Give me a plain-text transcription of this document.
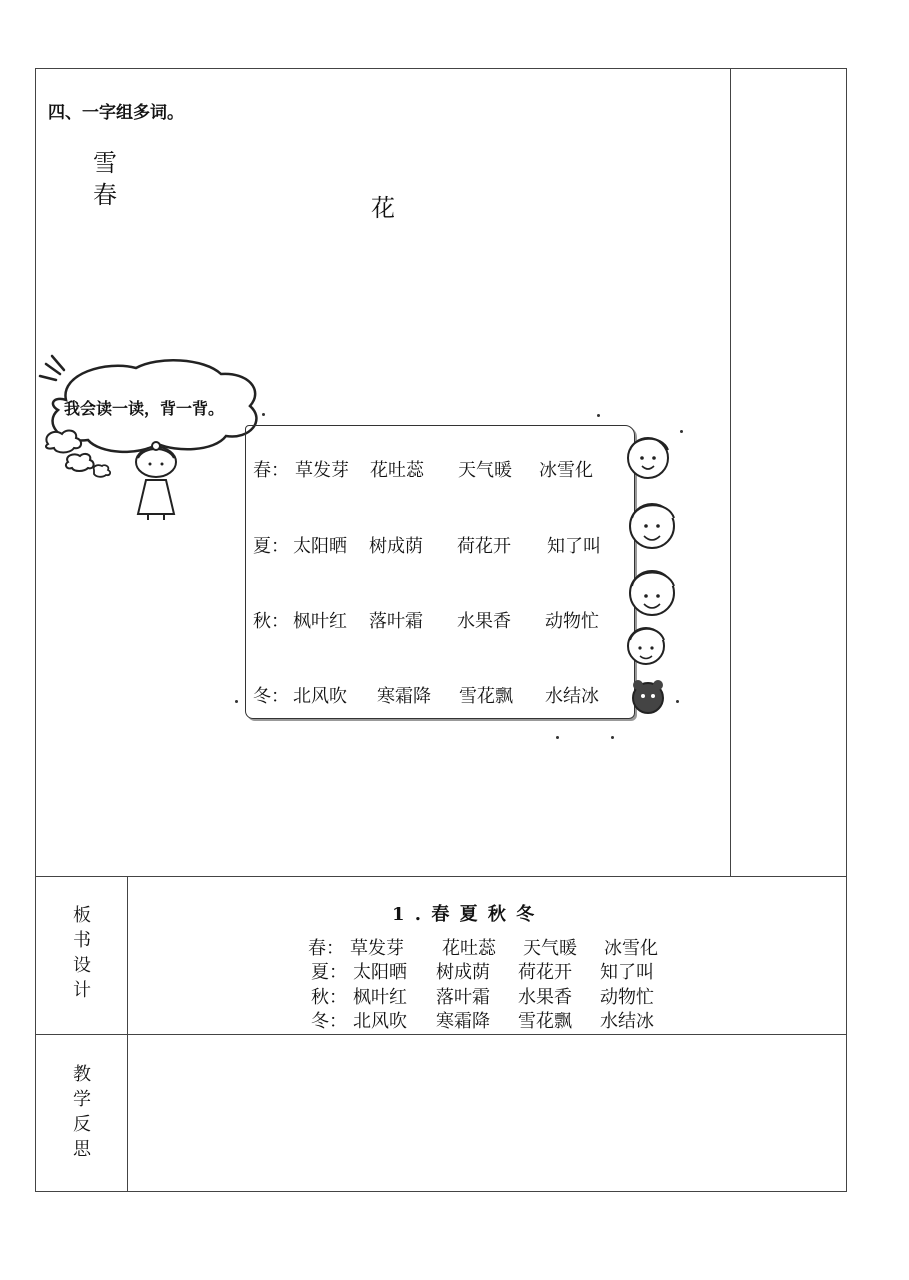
四、一字组多词。
雪
春	花
我会读一读，背一背。

春：

草发芽

花吐蕊

天气暖

冰雪化

夏：

太阳晒

树成荫

荷花开

知了叫

秋：

枫叶红

落叶霜

水果香

动物忙

冬：

北风吹

寒霜降

雪花飘

水结冰

板
书
设
计
1 . 春 夏 秋 冬
春： 草发芽 花吐蕊 天气暖 冰雪化
夏： 太阳晒 树成荫 荷花开 知了叫
秋： 枫叶红 落叶霜 水果香 动物忙
冬： 北风吹 寒霜降 雪花飘 水结冰
教
学
反
思
